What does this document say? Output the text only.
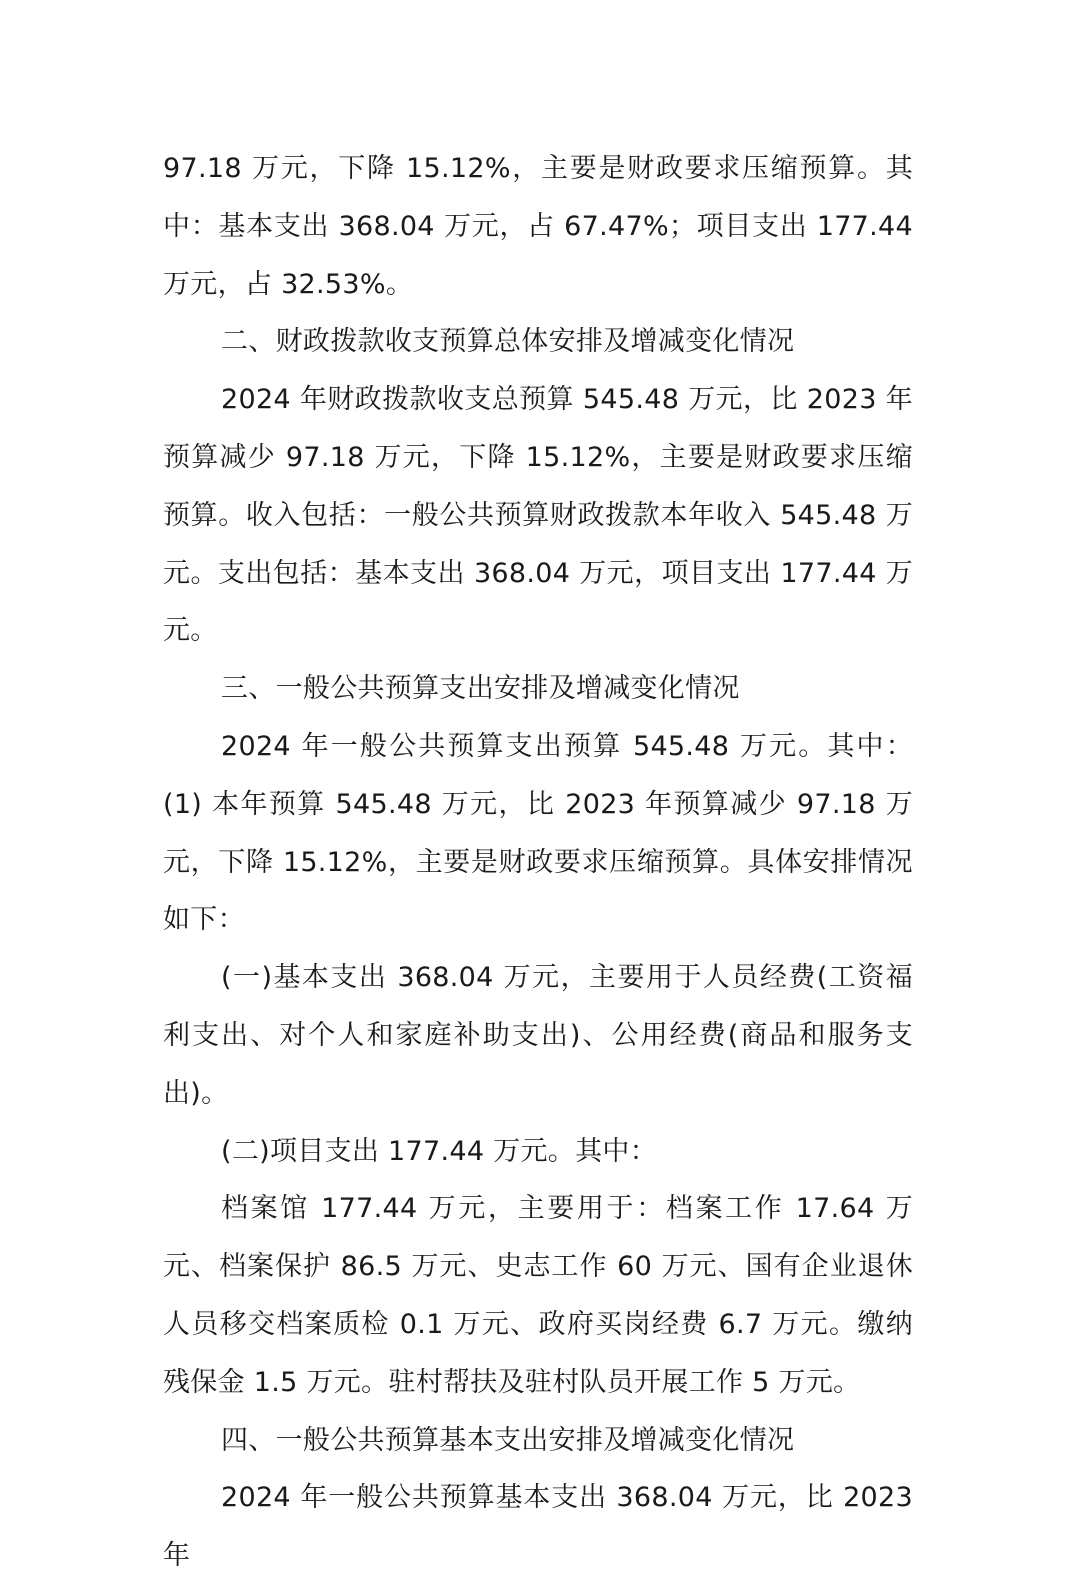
97.18 万元，下降 15.12%，主要是财政要求压缩预算。其中：基本支出 368.04 万元，占 67.47%；项目支出 177.44 万元，占 32.53%。

二、财政拨款收支预算总体安排及增减变化情况

2024 年财政拨款收支总预算 545.48 万元，比 2023 年预算减少 97.18 万元，下降 15.12%，主要是财政要求压缩预算。收入包括：一般公共预算财政拨款本年收入 545.48 万元。支出包括：基本支出 368.04 万元，项目支出 177.44 万元。

三、一般公共预算支出安排及增减变化情况

2024 年一般公共预算支出预算 545.48 万元。其中：(1) 本年预算 545.48 万元，比 2023 年预算减少 97.18 万元，下降 15.12%，主要是财政要求压缩预算。具体安排情况如下：

(一)基本支出 368.04 万元，主要用于人员经费(工资福利支出、对个人和家庭补助支出)、公用经费(商品和服务支出)。

(二)项目支出 177.44 万元。其中：

档案馆 177.44 万元，主要用于：档案工作 17.64 万元、档案保护 86.5 万元、史志工作 60 万元、国有企业退休人员移交档案质检 0.1 万元、政府买岗经费 6.7 万元。缴纳残保金 1.5 万元。驻村帮扶及驻村队员开展工作 5 万元。

四、一般公共预算基本支出安排及增减变化情况

2024 年一般公共预算基本支出 368.04 万元，比 2023 年
